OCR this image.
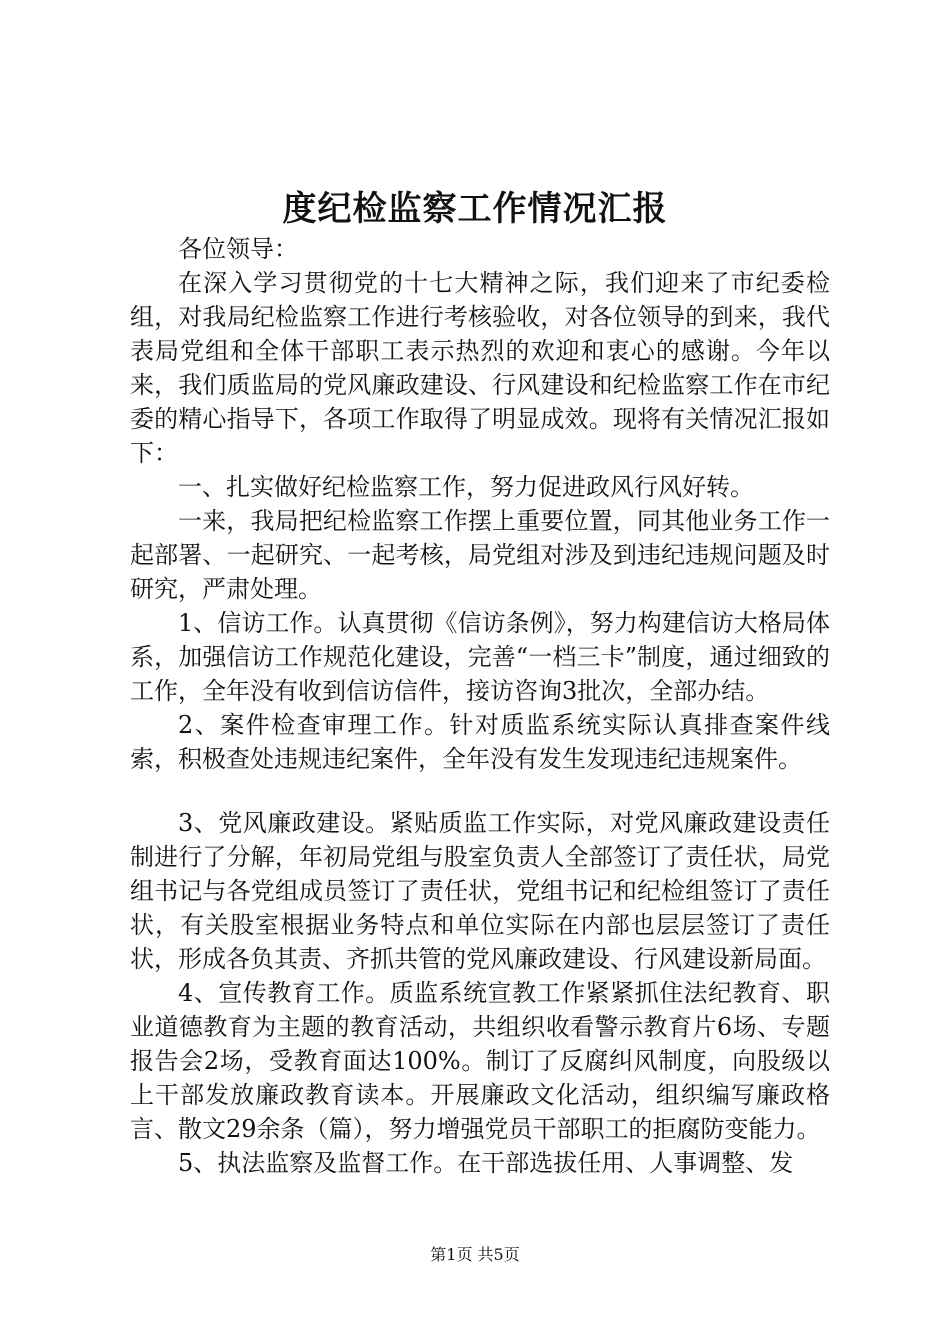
度纪检监察工作情况汇报

各位领导：

在深入学习贯彻党的十七大精神之际，我们迎来了市纪委检组，对我局纪检监察工作进行考核验收，对各位领导的到来，我代表局党组和全体干部职工表示热烈的欢迎和衷心的感谢。今年以来，我们质监局的党风廉政建设、行风建设和纪检监察工作在市纪委的精心指导下，各项工作取得了明显成效。现将有关情况汇报如下：

一、扎实做好纪检监察工作，努力促进政风行风好转。

一来，我局把纪检监察工作摆上重要位置，同其他业务工作一起部署、一起研究、一起考核，局党组对涉及到违纪违规问题及时研究，严肃处理。

1、信访工作。认真贯彻《信访条例》，努力构建信访大格局体系，加强信访工作规范化建设，完善“一档三卡”制度，通过细致的工作，全年没有收到信访信件，接访咨询3批次，全部办结。

2、案件检查审理工作。针对质监系统实际认真排查案件线索，积极查处违规违纪案件，全年没有发生发现违纪违规案件。

3、党风廉政建设。紧贴质监工作实际，对党风廉政建设责任制进行了分解，年初局党组与股室负责人全部签订了责任状，局党组书记与各党组成员签订了责任状，党组书记和纪检组签订了责任状，有关股室根据业务特点和单位实际在内部也层层签订了责任状，形成各负其责、齐抓共管的党风廉政建设、行风建设新局面。

4、宣传教育工作。质监系统宣教工作紧紧抓住法纪教育、职业道德教育为主题的教育活动，共组织收看警示教育片6场、专题报告会2场，受教育面达100%。制订了反腐纠风制度，向股级以上干部发放廉政教育读本。开展廉政文化活动，组织编写廉政格言、散文29余条（篇），努力增强党员干部职工的拒腐防变能力。

5、执法监察及监督工作。在干部选拔任用、人事调整、发

第1页 共5页
